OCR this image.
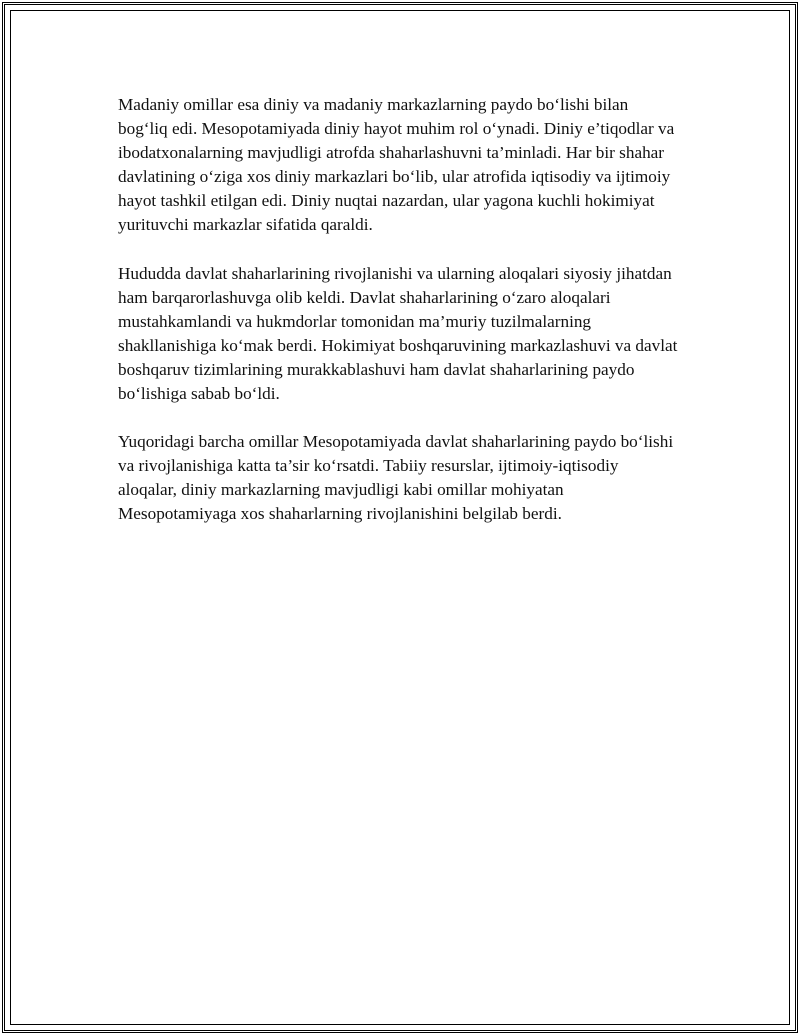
Madaniy omillar esa diniy va madaniy markazlarning paydo bo‘lishi bilan bog‘liq edi. Mesopotamiyada diniy hayot muhim rol o‘ynadi. Diniy e’tiqodlar va ibodatxonalarning mavjudligi atrofda shaharlashuvni ta’minladi. Har bir shahar davlatining o‘ziga xos diniy markazlari bo‘lib, ular atrofida iqtisodiy va ijtimoiy hayot tashkil etilgan edi. Diniy nuqtai nazardan, ular yagona kuchli hokimiyat yurituvchi markazlar sifatida qaraldi.

Hududda davlat shaharlarining rivojlanishi va ularning aloqalari siyosiy jihatdan ham barqarorlashuvga olib keldi. Davlat shaharlarining o‘zaro aloqalari mustahkamlandi va hukmdorlar tomonidan ma’muriy tuzilmalarning shakllanishiga ko‘mak berdi. Hokimiyat boshqaruvining markazlashuvi va davlat boshqaruv tizimlarining murakkablashuvi ham davlat shaharlarining paydo bo‘lishiga sabab bo‘ldi.

Yuqoridagi barcha omillar Mesopotamiyada davlat shaharlarining paydo bo‘lishi va rivojlanishiga katta ta’sir ko‘rsatdi. Tabiiy resurslar, ijtimoiy-iqtisodiy aloqalar, diniy markazlarning mavjudligi kabi omillar mohiyatan Mesopotamiyaga xos shaharlarning rivojlanishini belgilab berdi.
